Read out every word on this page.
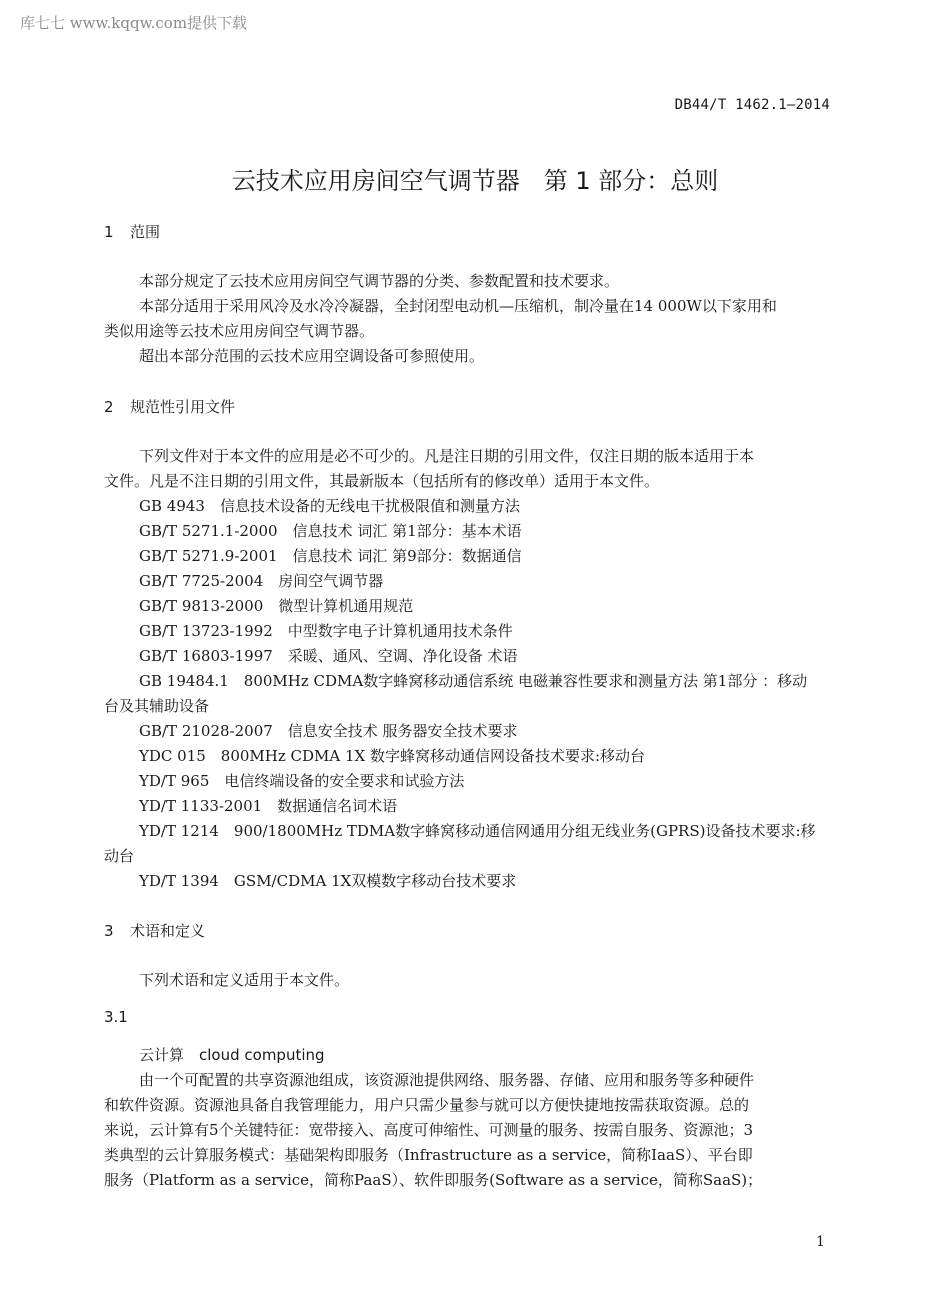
库七七 www.kqqw.com提供下载
DB44/T 1462.1—2014
云技术应用房间空气调节器　第 1 部分：总则
1 范围
本部分规定了云技术应用房间空气调节器的分类、参数配置和技术要求。
本部分适用于采用风冷及水冷冷凝器，全封闭型电动机—压缩机，制冷量在14 000W以下家用和
类似用途等云技术应用房间空气调节器。
超出本部分范围的云技术应用空调设备可参照使用。
2 规范性引用文件
下列文件对于本文件的应用是必不可少的。凡是注日期的引用文件，仅注日期的版本适用于本
文件。凡是不注日期的引用文件，其最新版本（包括所有的修改单）适用于本文件。
GB 4943　信息技术设备的无线电干扰极限值和测量方法
GB/T 5271.1-2000　信息技术 词汇 第1部分：基本术语
GB/T 5271.9-2001　信息技术 词汇 第9部分：数据通信
GB/T 7725-2004　房间空气调节器
GB/T 9813-2000　微型计算机通用规范
GB/T 13723-1992　中型数字电子计算机通用技术条件
GB/T 16803-1997　采暖、通风、空调、净化设备 术语
GB 19484.1　800MHz CDMA数字蜂窝移动通信系统 电磁兼容性要求和测量方法 第1部分 ：移动
台及其辅助设备
GB/T 21028-2007　信息安全技术 服务器安全技术要求
YDC 015　800MHz CDMA 1X 数字蜂窝移动通信网设备技术要求:移动台
YD/T 965　电信终端设备的安全要求和试验方法
YD/T 1133-2001　数据通信名词术语
YD/T 1214　900/1800MHz TDMA数字蜂窝移动通信网通用分组无线业务(GPRS)设备技术要求:移
动台
YD/T 1394　GSM/CDMA 1X双模数字移动台技术要求
3 术语和定义
下列术语和定义适用于本文件。
3.1
云计算　cloud computing
由一个可配置的共享资源池组成，该资源池提供网络、服务器、存储、应用和服务等多种硬件
和软件资源。资源池具备自我管理能力，用户只需少量参与就可以方便快捷地按需获取资源。总的
来说，云计算有5个关键特征：宽带接入、高度可伸缩性、可测量的服务、按需自服务、资源池；3
类典型的云计算服务模式：基础架构即服务（Infrastructure as a service，简称IaaS）、平台即
服务（Platform as a service，简称PaaS）、软件即服务(Software as a service，简称SaaS)；
1
